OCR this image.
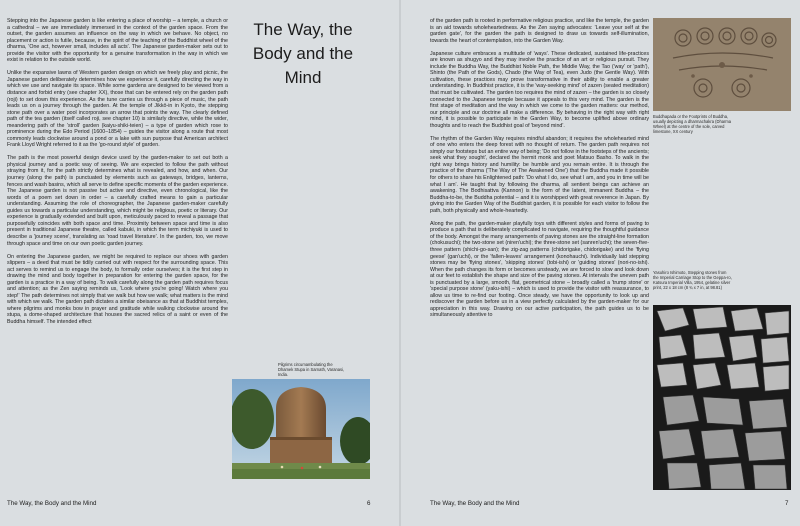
Stepping into the Japanese garden is like entering a place of worship – a temple, a church or a cathedral – we are immediately immersed in the context of the garden space. From the outset, the garden assumes an influence on the way in which we behave. No object, no placement or action is futile, because, in the spirit of the teaching of the Buddhist wheel of the dharma, 'One act, however small, includes all acts'. The Japanese garden-maker sets out to provide the visitor with the opportunity for a genuine transformation in the way in which we exist in relation to the outside world.

Unlike the expansive lawns of Western garden design on which we freely play and picnic, the Japanese garden deliberately determines how we experience it, carefully directing the way in which we use and navigate its space. While some gardens are designed to be viewed from a distance and forbid entry (see chapter XX), those that can be entered rely on the garden path (roji) to set down this experience. As the tune carries us through a piece of music, the path leads us on a journey through the garden. At the temple of Jikkō-in in Kyoto, the stepping stone path over a water pool incorporates an arrow that points the way. The clearly defined path of the tea garden (itself called roji, see chapter 10) is similarly directive, while the wider, meandering path of the 'stroll' garden (kaiyu-shiki-teien) – a type of garden which rose to prominence during the Edo Period (1600–1854) – guides the visitor along a route that most commonly leads clockwise around a pond or a lake with sun purpose that American architect Frank Lloyd Wright referred to it as the 'go-round style' of garden.

The path is the most powerful design device used by the garden-maker to set out both a physical journey and a poetic way of seeing. We are expected to follow the path without straying from it, for the path strictly determines what is revealed, and how, and when. Our journey (along the path) is punctuated by elements such as gateways, bridges, lanterns, fences and wash basins, which all serve to define specific moments of the garden experience. The Japanese garden is not passive but active and directive, even chronological, like the words of a poem set down in order – a carefully crafted means to gain a particular understanding. Assuming the role of choreographer, the Japanese garden-maker carefully guides us towards a particular understanding, which might be religious, poetic or literary. Our experience is gradually extended and built upon, meticulously paced to reveal a passage that purposefully coincides with both space and time. Proximity between space and time is also present in traditional Japanese theatre, called kabuki, in which the term michiyuki is used to describe a 'journey scene', translating as 'road travel literature'. In the garden, too, we move through space and time on our own poetic garden journey.

On entering the Japanese garden, we might be required to replace our shoes with garden slippers – a deed that must be tidily carried out with respect for the surrounding space. This act serves to remind us to engage the body, to formally order ourselves; it is the first step in drawing the mind and body together in preparation for entering the garden space, for the garden is a practice in a way of being. To walk carefully along the garden path requires focus and attention; as the Zen saying reminds us, 'Look where you're going! Watch where you step!' The path determines not simply that we walk but how we walk; what matters is the mind with which we walk. The garden path dictates a similar obeisance as that at Buddhist temples, where pilgrims and monks bow in prayer and gratitude while walking clockwise around the stupa, a dome-shaped architecture that houses the sacred relics of a saint or even of the Buddha himself. The intended effect

The Way, the Body and the Mind
Pilgrims circumambulating the Dhamek Stupa in Sarnath, Varanasi, India.
The Way, the Body and the Mind	6

of the garden path is rooted in performative religious practice, and like the temple, the garden is an aid towards wholeheartedness. As the Zen saying advocates: 'Leave your self at the garden gate', for the garden the path is designed to draw us towards self-illumination, towards the heart of contemplation, into the Garden Way.

Japanese culture embraces a multitude of 'ways'. These dedicated, sustained life-practices are known as shugyo and they may involve the practice of an art or religious pursuit. They include the Buddha Way, the Buddhist Noble Path, the Middle Way, the Tao ('way' or 'path'), Shinto (the Path of the Gods), Chado (the Way of Tea), even Judo (the Gentle Way). With cultivation, these practices may prove transformative in their ability to enable a greater understanding. In Buddhist practice, it is the 'way-seeking mind' of zazen (seated meditation) that must be cultivated. The garden too requires the mind of zazen – the garden is so closely connected to the Japanese temple because it appeals to this very mind. The garden is the first stage of meditation and the way in which we come to the garden matters: our method, our principle and our doctrine all make a difference. By behaving in the right way with right mind, it is possible to participate in the Garden Way, to become uplifted above ordinary thoughts and to reach the Buddhist goal of 'beyond mind'.

The rhythm of the Garden Way requires mindful abandon; it requires the wholehearted mind of one who enters the deep forest with no thought of return. The garden path requires not simply our footsteps but an entire way of being; 'Do not follow in the footsteps of the ancients; seek what they sought', declared the hermit monk and poet Matsuo Basho. To walk in the right way brings history and humility: be humble and you remain entire. It is through the practice of the dharma ('The Way of The Awakened One') that the Buddha made it possible for others to share his Enlightened path: 'Do what I do, see what I am, and you in time will be what I am'. He taught that by following the dharma, all sentient beings can achieve an awakening. The Bodhisattva (Kannon) is the form of the latent, immanent Buddha – the Buddha-to-be, the Buddha potential – and it is worshipped with great reverence in Japan. By giving into the Garden Way of the Buddhist garden, it is possible for each visitor to follow the path, both physically and whole-heartedly.

Along the path, the garden-maker playfully toys with different styles and forms of paving to produce a path that is deliberately complicated to navigate, requiring the thoughtful guidance of the body. Amongst the many arrangements of paving stones are the straight-line formation (chokusuchi); the two-stone set (niren'uchi); the three-stone set (sanren'uchi); the seven-five-three pattern (shichi-go-san); the zig-zag patterns (chidorigake, chidorigake) and the 'flying geese' (gan'uchi), or the 'fallen-leaves' arrangement (konohauchi). Individually laid stepping stones may be 'flying stones', 'skipping stones' (tobi-ishi) or 'guiding stones' (nori-no-ishi). When the path changes its form or becomes unsteady, we are forced to slow and look down at our feet to establish the shape and size of the paving stones. At intervals the uneven path is punctuated by a large, smooth, flat, geometrical stone – broadly called a 'trump stone' or 'special purpose stone' (yaku-ishi) – which is used to provide the visitor with reassurance, to allow us time to re-find our footing. Once steady, we have the opportunity to look up and rediscover the garden before us in a view perfectly calculated by the garden-maker for our appreciation in this way. Drawing on our active participation, the path guides us to be simultaneously attentive to

Buddhapada or the Footprints of Buddha, usually depicting a dharmachakra (Dharma Wheel) at the centre of the sole, carved limestone, XX century
Yasuhiro Ishimoto, Stepping stones from the Imperial Carriage Stop to the Geppa-ro, Katsura Imperial Villa, 1954, gelatine silver print, 22 x 18 cm (8 ¾ x 7 in, at 98.81)
The Way, the Body and the Mind	7
